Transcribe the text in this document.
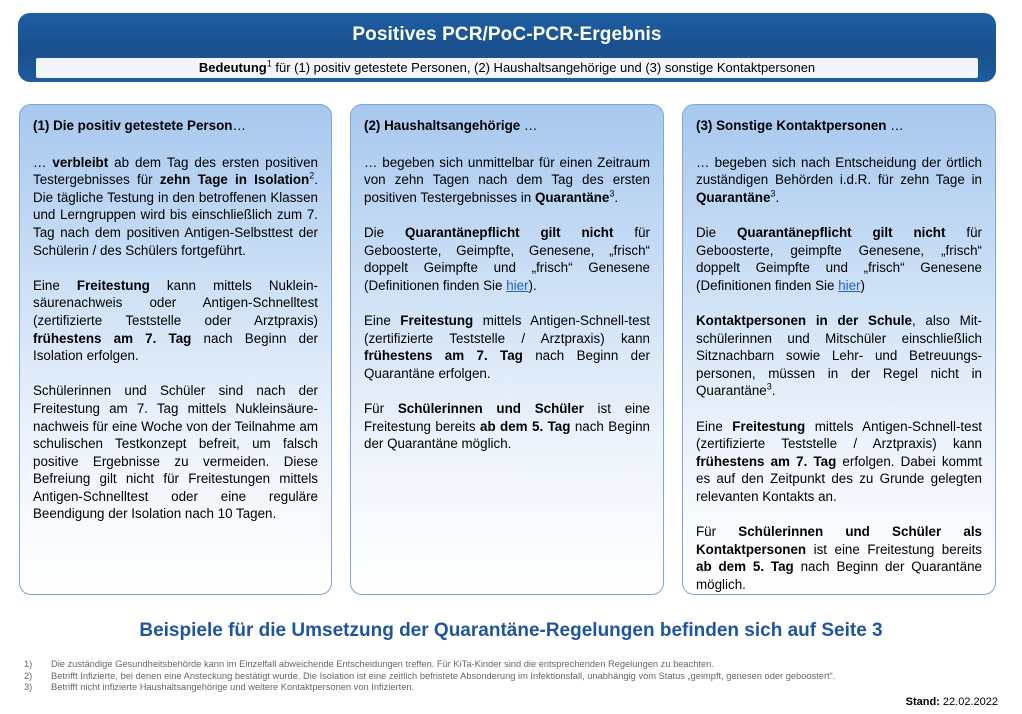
Positives PCR/PoC-PCR-Ergebnis
Bedeutung$^1$ für (1) positiv getestete Personen, (2) Haushaltsangehörige und (3) sonstige Kontaktpersonen
(1) Die positiv getestete Person…

… verbleibt ab dem Tag des ersten positiven Testergebnisses für zehn Tage in Isolation$^2$. Die tägliche Testung in den betroffenen Klassen und Lerngruppen wird bis einschließlich zum 7. Tag nach dem positiven Antigen-Selbsttest der Schülerin / des Schülers fortgeführt.

Eine Freitestung kann mittels Nuklein-säurenachweis oder Antigen-Schnelltest (zertifizierte Teststelle oder Arztpraxis) frühestens am 7. Tag nach Beginn der Isolation erfolgen.

Schülerinnen und Schüler sind nach der Freitestung am 7. Tag mittels Nukleinsäure-nachweis für eine Woche von der Teilnahme am schulischen Testkonzept befreit, um falsch positive Ergebnisse zu vermeiden. Diese Befreiung gilt nicht für Freitestungen mittels Antigen-Schnelltest oder eine reguläre Beendigung der Isolation nach 10 Tagen.

(2) Haushaltsangehörige …

… begeben sich unmittelbar für einen Zeitraum von zehn Tagen nach dem Tag des ersten positiven Testergebnisses in Quarantäne$^3$.

Die Quarantänepflicht gilt nicht für Geboosterte, Geimpfte, Genesene, „frisch“ doppelt Geimpfte und „frisch“ Genesene (Definitionen finden Sie hier).

Eine Freitestung mittels Antigen-Schnell-test (zertifizierte Teststelle / Arztpraxis) kann frühestens am 7. Tag nach Beginn der Quarantäne erfolgen.

Für Schülerinnen und Schüler ist eine Freitestung bereits ab dem 5. Tag nach Beginn der Quarantäne möglich.

(3) Sonstige Kontaktpersonen …

… begeben sich nach Entscheidung der örtlich zuständigen Behörden i.d.R. für zehn Tage in Quarantäne$^3$.

Die Quarantänepflicht gilt nicht für Geboosterte, geimpfte Genesene, „frisch“ doppelt Geimpfte und „frisch“ Genesene (Definitionen finden Sie hier)

Kontaktpersonen in der Schule, also Mit-schülerinnen und Mitschüler einschließlich Sitznachbarn sowie Lehr- und Betreuungs-personen, müssen in der Regel nicht in Quarantäne$^3$.

Eine Freitestung mittels Antigen-Schnell-test (zertifizierte Teststelle / Arztpraxis) kann frühestens am 7. Tag erfolgen. Dabei kommt es auf den Zeitpunkt des zu Grunde gelegten relevanten Kontakts an.

Für Schülerinnen und Schüler als Kontaktpersonen ist eine Freitestung bereits ab dem 5. Tag nach Beginn der Quarantäne möglich.

Beispiele für die Umsetzung der Quarantäne-Regelungen befinden sich auf Seite 3
1) Die zuständige Gesundheitsbehörde kann im Einzelfall abweichende Entscheidungen treffen. Für KiTa-Kinder sind die entsprechenden Regelungen zu beachten.
2) Betrifft Infizierte, bei denen eine Ansteckung bestätigt wurde. Die Isolation ist eine zeitlich befristete Absonderung im Infektionsfall, unabhängig vom Status „geimpft, genesen oder geboostert“.
3) Betrifft nicht infizierte Haushaltsangehörige und weitere Kontaktpersonen von Infizierten.
Stand: 22.02.2022
